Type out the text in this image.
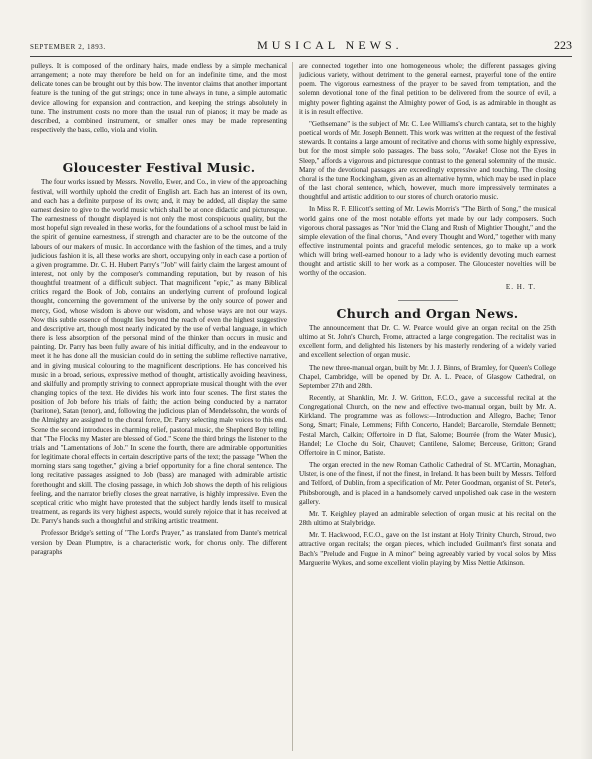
SEPTEMBER 2, 1893.	MUSICAL NEWS.	223

pulleys. It is composed of the ordinary hairs, made endless by a simple mechanical arrangement; a note may therefore be held on for an indefinite time, and the most delicate tones can be brought out by this bow. The inventor claims that another important feature is the tuning of the gut strings; once in tune always in tune, a simple automatic device allowing for expansion and contraction, and keeping the strings absolutely in tune. The instrument costs no more than the usual run of pianos; it may be made as described, a combined instrument, or smaller ones may be made representing respectively the bass, cello, viola and violin.

Gloucester Festival Music.

The four works issued by Messrs. Novello, Ewer, and Co., in view of the approaching festival, will worthily uphold the credit of English art. Each has an interest of its own, and each has a definite purpose of its own; and, it may be added, all display the same earnest desire to give to the world music which shall be at once didactic and picturesque. The earnestness of thought displayed is not only the most conspicuous quality, but the most hopeful sign revealed in these works, for the foundations of a school must be laid in the spirit of genuine earnestness, if strength and character are to be the outcome of the labours of our makers of music. In accordance with the fashion of the times, and a truly judicious fashion it is, all these works are short, occupying only in each case a portion of a given programme. Dr. C. H. Hubert Parry's "Job" will fairly claim the largest amount of interest, not only by the composer's commanding reputation, but by reason of his thoughtful treatment of a difficult subject. That magnificent "epic," as many Biblical critics regard the Book of Job, contains an underlying current of profound logical thought, concerning the government of the universe by the only source of power and mercy, God, whose wisdom is above our wisdom, and whose ways are not our ways. Now this subtle essence of thought lies beyond the reach of even the highest suggestive and descriptive art, though most nearly indicated by the use of verbal language, in which there is less absorption of the personal mind of the thinker than occurs in music and painting. Dr. Parry has been fully aware of his initial difficulty, and in the endeavour to meet it he has done all the musician could do in setting the sublime reflective narrative, and in giving musical colouring to the magnificent descriptions. He has conceived his music in a broad, serious, expressive method of thought, artistically avoiding heaviness, and skilfully and promptly striving to connect appropriate musical thought with the ever changing topics of the text. He divides his work into four scenes. The first states the position of Job before his trials of faith; the action being conducted by a narrator (baritone), Satan (tenor), and, following the judicious plan of Mendelssohn, the words of the Almighty are assigned to the choral force, Dr. Parry selecting male voices to this end. Scene the second introduces in charming relief, pastoral music, the Shepherd Boy telling that "The Flocks my Master are blessed of God." Scene the third brings the listener to the trials and "Lamentations of Job." In scene the fourth, there are admirable opportunities for legitimate choral effects in certain descriptive parts of the text; the passage "When the morning stars sang together," giving a brief opportunity for a fine choral sentence. The long recitative passages assigned to Job (bass) are managed with admirable artistic forethought and skill. The closing passage, in which Job shows the depth of his religious feeling, and the narrator briefly closes the great narrative, is highly impressive. Even the sceptical critic who might have protested that the subject hardly lends itself to musical treatment, as regards its very highest aspects, would surely rejoice that it has received at Dr. Parry's hands such a thoughtful and striking artistic treatment.

Professor Bridge's setting of "The Lord's Prayer," as translated from Dante's metrical version by Dean Plumptre, is a characteristic work, for chorus only. The different paragraphs

are connected together into one homogeneous whole; the different passages giving judicious variety, without detriment to the general earnest, prayerful tone of the entire poem. The vigorous earnestness of the prayer to be saved from temptation, and the solemn devotional tone of the final petition to be delivered from the source of evil, a mighty power fighting against the Almighty power of God, is as admirable in thought as it is in result effective.

"Gethsemane" is the subject of Mr. C. Lee Williams's church cantata, set to the highly poetical words of Mr. Joseph Bennett. This work was written at the request of the festival stewards. It contains a large amount of recitative and chorus with some highly expressive, but for the most simple solo passages. The bass solo, "Awake! Close not the Eyes in Sleep," affords a vigorous and picturesque contrast to the general solemnity of the music. Many of the devotional passages are exceedingly expressive and touching. The closing choral is the tune Rockingham, given as an alternative hymn, which may be used in place of the last choral sentence, which, however, much more impressively terminates a thoughtful and artistic addition to our stores of church oratorio music.

In Miss R. F. Ellicott's setting of Mr. Lewis Morris's "The Birth of Song," the musical world gains one of the most notable efforts yet made by our lady composers. Such vigorous choral passages as "Nor 'mid the Clang and Rush of Mightier Thought," and the simple elevation of the final chorus, "And every Thought and Word," together with many effective instrumental points and graceful melodic sentences, go to make up a work which will bring well-earned honour to a lady who is evidently devoting much earnest thought and artistic skill to her work as a composer. The Gloucester novelties will be worthy of the occasion.

E. H. T.
Church and Organ News.

The announcement that Dr. C. W. Pearce would give an organ recital on the 25th ultimo at St. John's Church, Frome, attracted a large congregation. The recitalist was in excellent form, and delighted his listeners by his masterly rendering of a widely varied and excellent selection of organ music.

The new three-manual organ, built by Mr. J. J. Binns, of Bramley, for Queen's College Chapel, Cambridge, will be opened by Dr. A. L. Peace, of Glasgow Cathedral, on September 27th and 28th.

Recently, at Shanklin, Mr. J. W. Gritton, F.C.O., gave a successful recital at the Congregational Church, on the new and effective two-manual organ, built by Mr. A. Kirkland. The programme was as follows:—Introduction and Allegro, Bache; Tenor Song, Smart; Finale, Lemmens; Fifth Concerto, Handel; Barcarolle, Sterndale Bennett; Festal March, Calkin; Offertoire in D flat, Salome; Bourrée (from the Water Music), Handel; Le Cloche du Soir, Chauvet; Cantilene, Salome; Berceuse, Gritton; Grand Offertoire in C minor, Batiste.

The organ erected in the new Roman Catholic Cathedral of St. M'Cartin, Monaghan, Ulster, is one of the finest, if not the finest, in Ireland. It has been built by Messrs. Telford and Telford, of Dublin, from a specification of Mr. Peter Goodman, organist of St. Peter's, Phibsborough, and is placed in a handsomely carved unpolished oak case in the western gallery.

Mr. T. Keighley played an admirable selection of organ music at his recital on the 28th ultimo at Stalybridge.

Mr. T. Hackwood, F.C.O., gave on the 1st instant at Holy Trinity Church, Stroud, two attractive organ recitals; the organ pieces, which included Guilmant's first sonata and Bach's "Prelude and Fugue in A minor" being agreeably varied by vocal solos by Miss Marguerite Wykes, and some excellent violin playing by Miss Nettie Atkinson.
